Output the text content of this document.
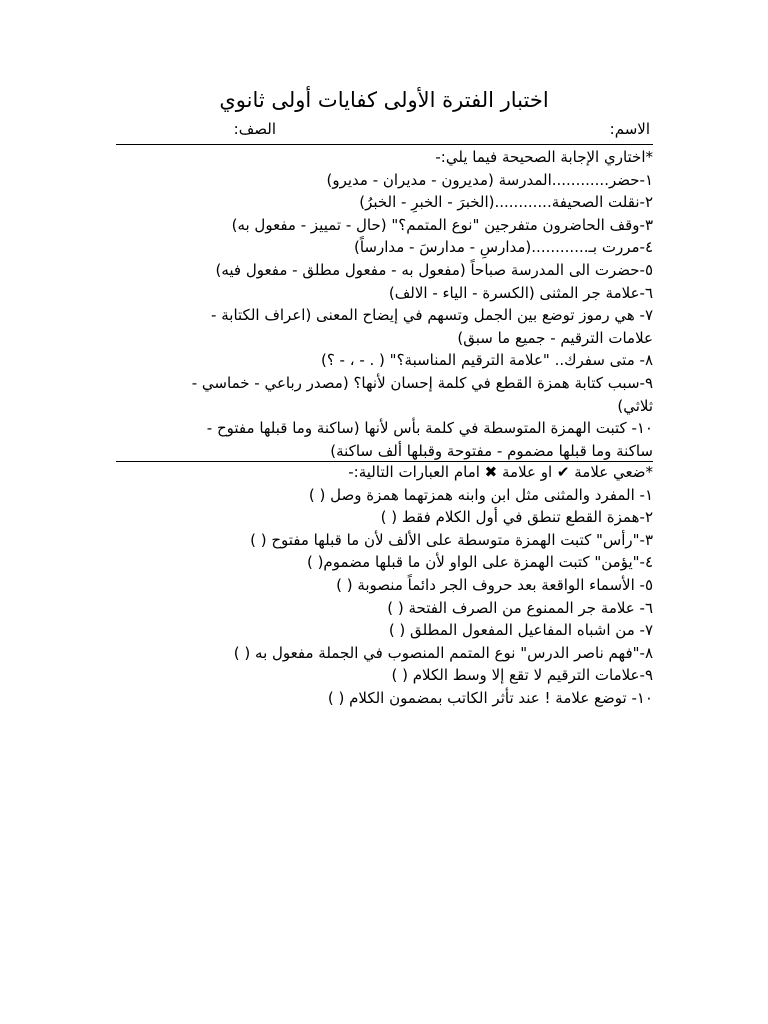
اختبار الفترة الأولى كفايات أولى ثانوي
الاسم:
الصف:
*اختاري الإجابة الصحيحة فيما يلي:-
١-حضر............المدرسة (مديرون - مديران - مديرو)
٢-نقلت الصحيفة............(الخبرَ - الخبرِ - الخبرُ)
٣-وقف الحاضرون متفرجين "نوع المتمم؟" (حال - تمييز - مفعول به)
٤-مررت بـ............(مدارسِ - مدارسَ - مدارساً)
٥-حضرت الى المدرسة صباحاً (مفعول به - مفعول مطلق - مفعول فيه)
٦-علامة جر المثنى (الكسرة - الياء - الالف)
٧- هي رموز توضع بين الجمل وتسهم في إيضاح المعنى (اعراف الكتابة -
علامات الترقيم - جميع ما سبق)
٨- متى سفرك.. "علامة الترقيم المناسبة؟" ( . - ، - ؟)
٩-سبب كتابة همزة القطع في كلمة إحسان لأنها؟ (مصدر رباعي - خماسي -
ثلاثي)
١٠- كتبت الهمزة المتوسطة في كلمة بأس لأنها (ساكنة وما قبلها مفتوح -
ساكنة وما قبلها مضموم - مفتوحة وقبلها ألف ساكنة)
*ضعي علامة ✔ او علامة ✖ امام العبارات التالية:-
١- المفرد والمثنى مثل ابن وابنه همزتهما همزة وصل ( )
٢-همزة القطع تنطق في أول الكلام فقط ( )
٣-"رأس" كتبت الهمزة متوسطة على الألف لأن ما قبلها مفتوح ( )
٤-"يؤمن" كتبت الهمزة على الواو لأن ما قبلها مضموم( )
٥- الأسماء الواقعة بعد حروف الجر دائماً منصوبة ( )
٦- علامة جر الممنوع من الصرف الفتحة ( )
٧- من اشباه المفاعيل المفعول المطلق ( )
٨-"فهم ناصر الدرس" نوع المتمم المنصوب في الجملة مفعول به ( )
٩-علامات الترقيم لا تقع إلا وسط الكلام ( )
١٠- توضع علامة ! عند تأثر الكاتب بمضمون الكلام ( )
